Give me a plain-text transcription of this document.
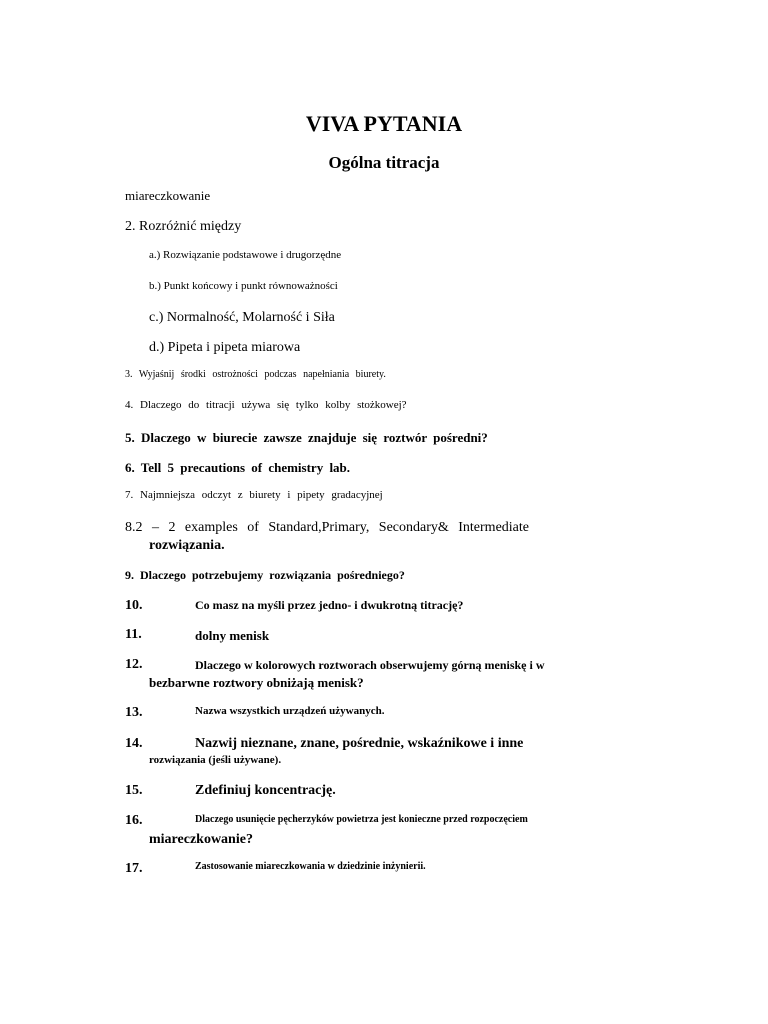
VIVA PYTANIA
Ogólna titracja
miareczkowanie
2. Rozróżnić między
a.) Rozwiązanie podstawowe i drugorzędne
b.) Punkt końcowy i punkt równoważności
c.) Normalność, Molarność i Siła
d.) Pipeta i pipeta miarowa
3. Wyjaśnij środki ostrożności podczas napełniania biurety.
4. Dlaczego do titracji używa się tylko kolby stożkowej?
5. Dlaczego w biurecie zawsze znajduje się roztwór pośredni?
6. Tell 5 precautions of chemistry lab.
7. Najmniejsza odczyt z biurety i pipety gradacyjnej
8.2 – 2 examples of Standard,Primary, Secondary& Intermediate
rozwiązania.
9. Dlaczego potrzebujemy rozwiązania pośredniego?
10.	Co masz na myśli przez jedno- i dwukrotną titrację?
11.	dolny menisk
12.	Dlaczego w kolorowych roztworach obserwujemy górną meniskę i w
bezbarwne roztwory obniżają menisk?
13.	Nazwa wszystkich urządzeń używanych.
14.	Nazwij nieznane, znane, pośrednie, wskaźnikowe i inne
rozwiązania (jeśli używane).
15.	Zdefiniuj koncentrację.
16.	Dlaczego usunięcie pęcherzyków powietrza jest konieczne przed rozpoczęciem
miareczkowanie?
17.	Zastosowanie miareczkowania w dziedzinie inżynierii.
